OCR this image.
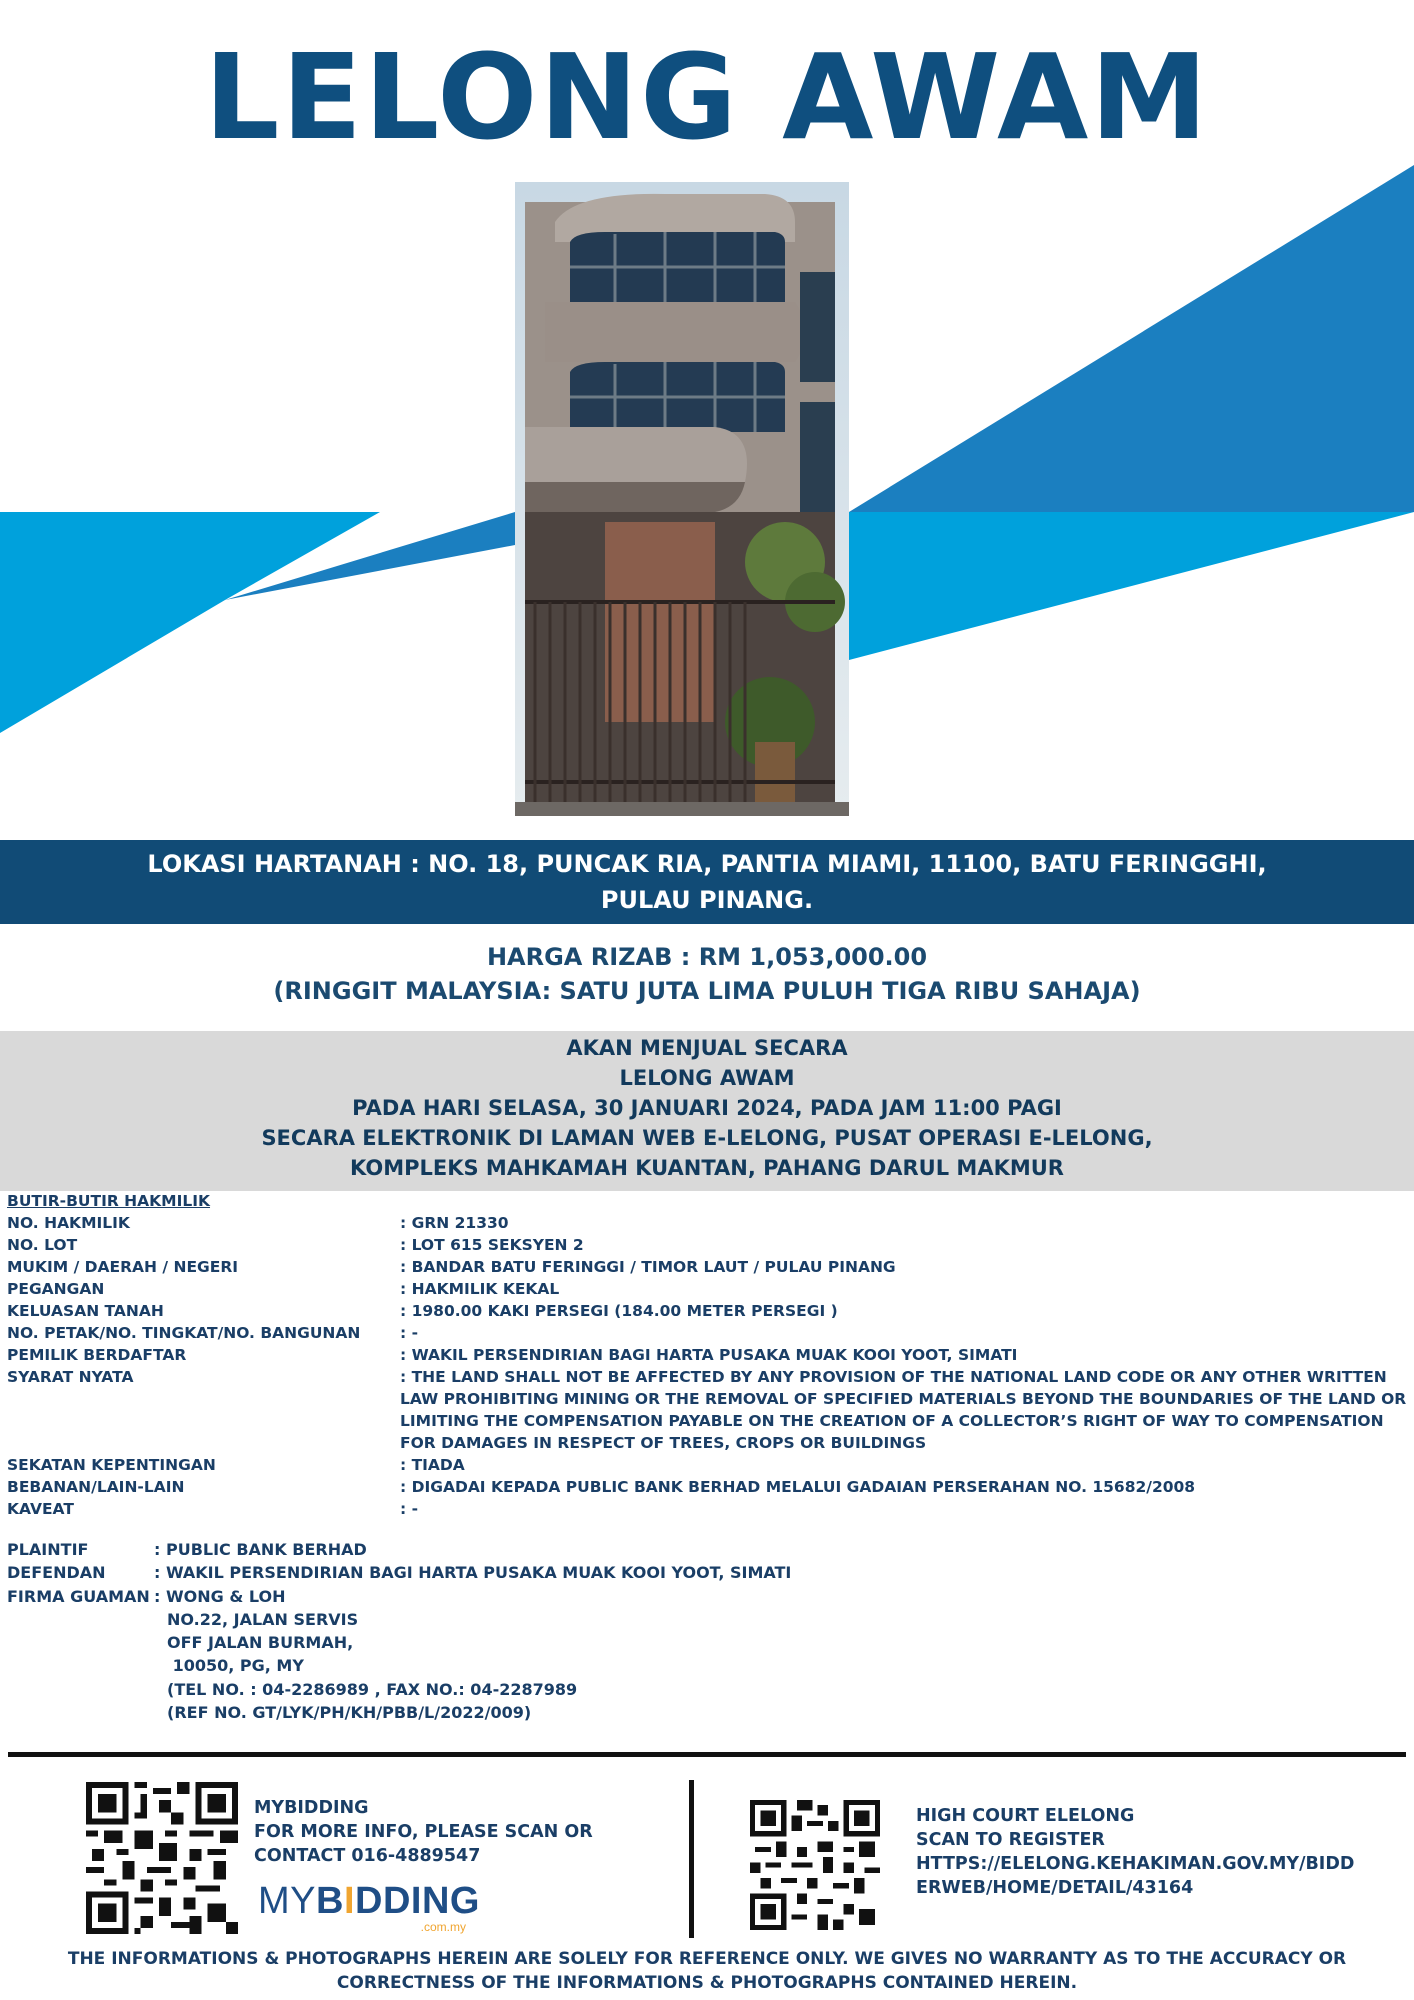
LELONG AWAM
LOKASI HARTANAH : NO. 18, PUNCAK RIA, PANTIA MIAMI, 11100, BATU FERINGGHI,
PULAU PINANG.
HARGA RIZAB : RM 1,053,000.00
(RINGGIT MALAYSIA: SATU JUTA LIMA PULUH TIGA RIBU SAHAJA)
AKAN MENJUAL SECARA
LELONG AWAM
PADA HARI SELASA, 30 JANUARI 2024, PADA JAM 11:00 PAGI
SECARA ELEKTRONIK DI LAMAN WEB E-LELONG, PUSAT OPERASI E-LELONG,
KOMPLEKS MAHKAMAH KUANTAN, PAHANG DARUL MAKMUR
BUTIR-BUTIR HAKMILIK
NO. HAKMILIK	: GRN 21330
NO. LOT	: LOT 615 SEKSYEN 2
MUKIM / DAERAH / NEGERI	: BANDAR BATU FERINGGI / TIMOR LAUT / PULAU PINANG
PEGANGAN	: HAKMILIK KEKAL
KELUASAN TANAH	: 1980.00 KAKI PERSEGI (184.00 METER PERSEGI )
NO. PETAK/NO. TINGKAT/NO. BANGUNAN	: -
PEMILIK BERDAFTAR	: WAKIL PERSENDIRIAN BAGI HARTA PUSAKA MUAK KOOI YOOT, SIMATI
SYARAT NYATA	: THE LAND SHALL NOT BE AFFECTED BY ANY PROVISION OF THE NATIONAL LAND CODE OR ANY OTHER WRITTEN
LAW PROHIBITING MINING OR THE REMOVAL OF SPECIFIED MATERIALS BEYOND THE BOUNDARIES OF THE LAND OR
LIMITING THE COMPENSATION PAYABLE ON THE CREATION OF A COLLECTOR’S RIGHT OF WAY TO COMPENSATION
FOR DAMAGES IN RESPECT OF TREES, CROPS OR BUILDINGS
SEKATAN KEPENTINGAN	: TIADA
BEBANAN/LAIN-LAIN	: DIGADAI KEPADA PUBLIC BANK BERHAD MELALUI GADAIAN PERSERAHAN NO. 15682/2008
KAVEAT	: -
PLAINTIF	: PUBLIC BANK BERHAD
DEFENDAN	: WAKIL PERSENDIRIAN BAGI HARTA PUSAKA MUAK KOOI YOOT, SIMATI
FIRMA GUAMAN : WONG & LOH
NO.22, JALAN SERVIS
OFF JALAN BURMAH,
10050, PG, MY
(TEL NO. : 04-2286989 , FAX NO.: 04-2287989
(REF NO. GT/LYK/PH/KH/PBB/L/2022/009)
MYBIDDING
FOR MORE INFO, PLEASE SCAN OR
CONTACT 016-4889547
MYBIDDING
.com.my
HIGH COURT ELELONG
SCAN TO REGISTER
HTTPS://ELELONG.KEHAKIMAN.GOV.MY/BIDD
ERWEB/HOME/DETAIL/43164
THE INFORMATIONS & PHOTOGRAPHS HEREIN ARE SOLELY FOR REFERENCE ONLY. WE GIVES NO WARRANTY AS TO THE ACCURACY OR
CORRECTNESS OF THE INFORMATIONS & PHOTOGRAPHS CONTAINED HEREIN.
